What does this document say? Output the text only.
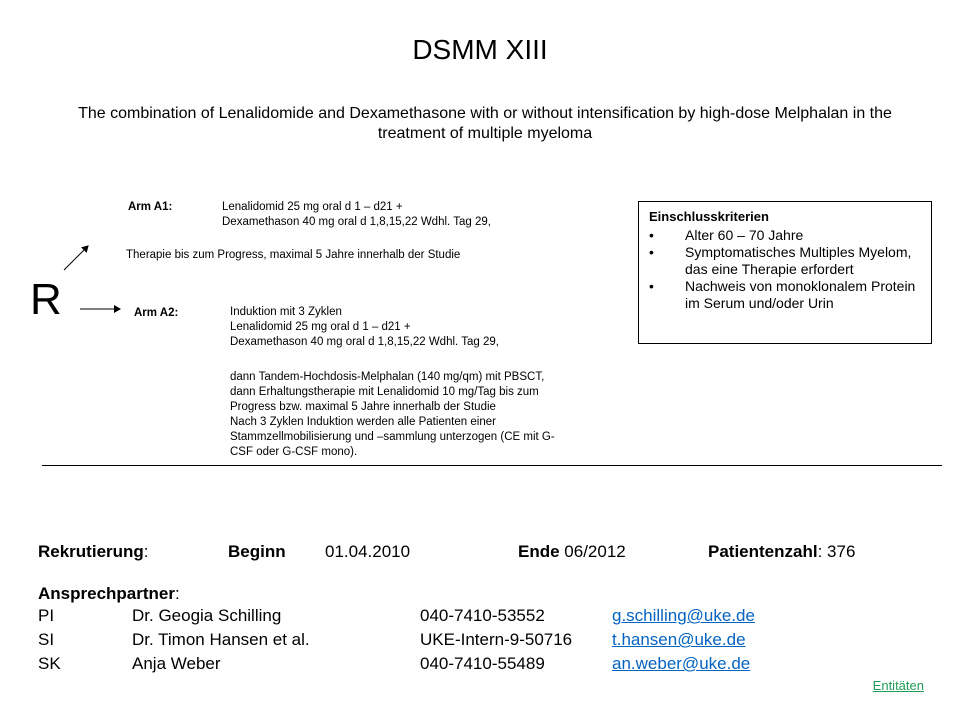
DSMM XIII
The combination of Lenalidomide and Dexamethasone with or without intensification by high-dose Melphalan in the treatment of multiple myeloma
Arm A1:	Lenalidomid 25 mg oral d 1 – d21 +
Dexamethason 40 mg oral d 1,8,15,22 Wdhl. Tag 29,
Therapie bis zum Progress, maximal 5 Jahre innerhalb der Studie
R	Arm A2:	Induktion mit 3 Zyklen
Lenalidomid 25 mg oral d 1 – d21 +
Dexamethason 40 mg oral d 1,8,15,22 Wdhl. Tag 29,
dann Tandem-Hochdosis-Melphalan (140 mg/qm) mit PBSCT,
dann Erhaltungstherapie mit Lenalidomid 10 mg/Tag bis zum
Progress bzw. maximal 5 Jahre innerhalb der Studie
Nach 3 Zyklen Induktion werden alle Patienten einer
Stammzellmobilisierung und –sammlung unterzogen (CE mit G-
CSF oder G-CSF mono).
Einschlusskriterien
•	Alter 60 – 70 Jahre
•	Symptomatisches Multiples Myelom, das eine Therapie erfordert
•	Nachweis von monoklonalem Protein im Serum und/oder Urin
Rekrutierung:	Beginn 01.04.2010	Ende 06/2012	Patientenzahl: 376
Ansprechpartner:
PI	Dr. Geogia Schilling	040-7410-53552	g.schilling@uke.de
SI	Dr. Timon Hansen et al.	UKE-Intern-9-50716 t.hansen@uke.de
SK	Anja Weber	040-7410-55489	an.weber@uke.de
Entitäten
